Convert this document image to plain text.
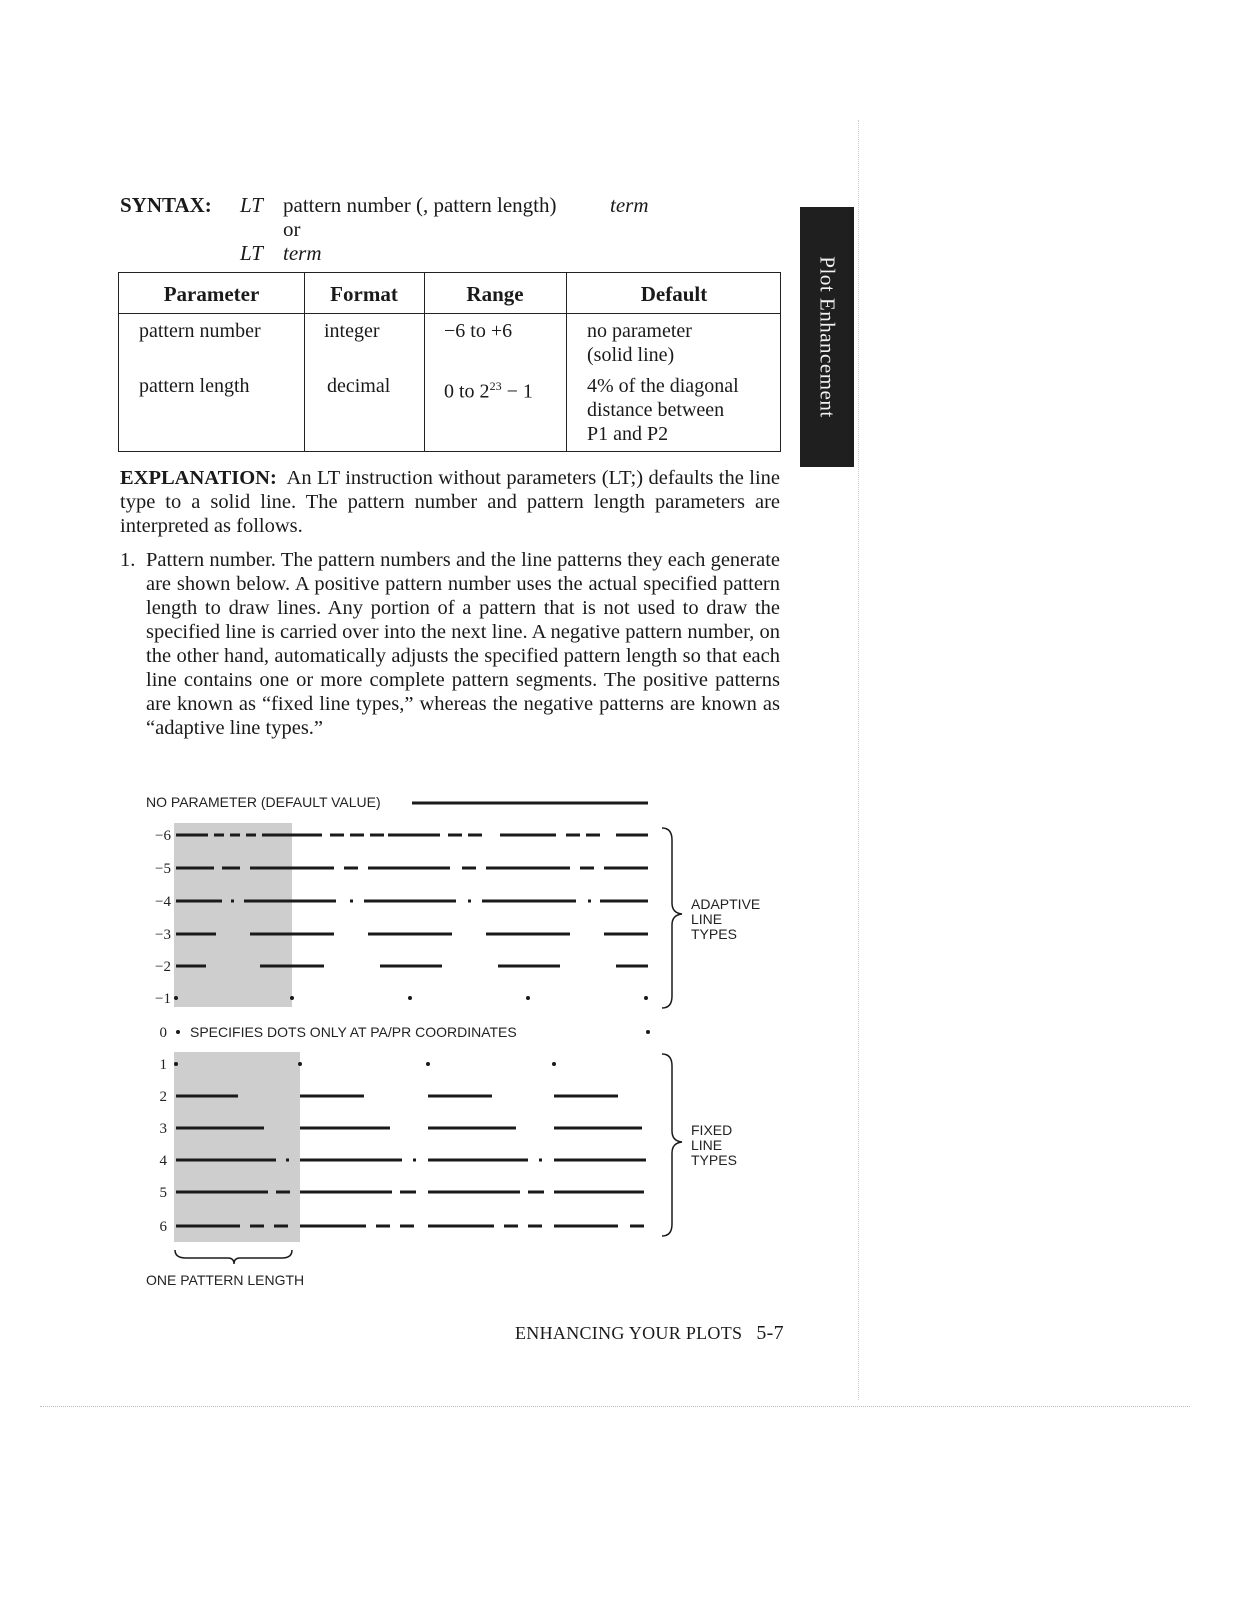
SYNTAX: LT pattern number (, pattern length)	term
or
LT term
Parameter	Format	Range	Default
pattern number	integer	−6 to +6	no parameter
(solid line)
pattern length	decimal	0 to $2^{23} - 1$	4% of the diagonal
distance between
P1 and P2
EXPLANATION: An LT instruction without parameters (LT;) defaults the line type to a solid line. The pattern number and pattern length parameters are interpreted as follows.
1. Pattern number. The pattern numbers and the line patterns they each generate are shown below. A positive pattern number uses the actual specified pattern length to draw lines. Any portion of a pattern that is not used to draw the specified line is carried over into the next line. A negative pattern number, on the other hand, automatically adjusts the specified pattern length so that each line contains one or more complete pattern segments. The positive patterns are known as “fixed line types,” whereas the negative patterns are known as “adaptive line types.”
Plot Enhancement
NO PARAMETER (DEFAULT VALUE)
−6
−5
−4
−3
−2
−1
0
1
2
3
4
5
6
SPECIFIES DOTS ONLY AT PA/PR COORDINATES
ADAPTIVE
LINE
TYPES
FIXED
LINE
TYPES
ONE PATTERN LENGTH
ENHANCING YOUR PLOTS 5-7
